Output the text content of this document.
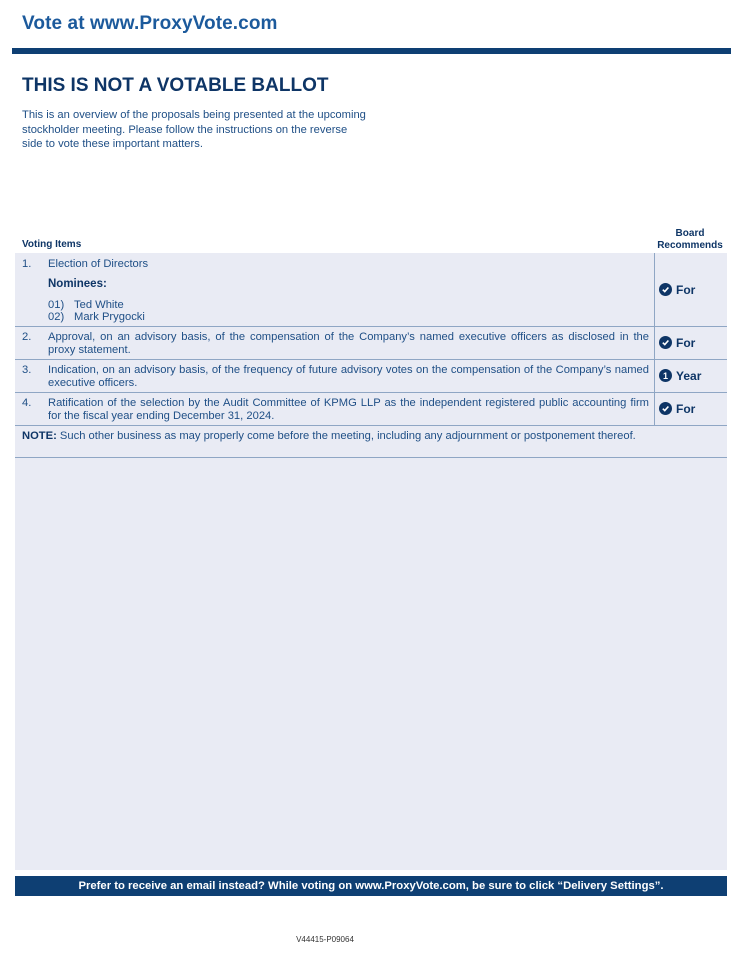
Vote at www.ProxyVote.com
THIS IS NOT A VOTABLE BALLOT
This is an overview of the proposals being presented at the upcoming stockholder meeting. Please follow the instructions on the reverse side to vote these important matters.
Voting Items
Board
Recommends
1. Election of Directors
Nominees:
01) Ted White
02) Mark Prygocki
For
2. Approval, on an advisory basis, of the compensation of the Company’s named executive officers as disclosed in the proxy statement.	For
3. Indication, on an advisory basis, of the frequency of future advisory votes on the compensation of the Company’s named executive officers.
1 Year
4. Ratification of the selection by the Audit Committee of KPMG LLP as the independent registered public accounting firm for the fiscal year ending December 31, 2024.	For
NOTE: Such other business as may properly come before the meeting, including any adjournment or postponement thereof.
Prefer to receive an email instead? While voting on www.ProxyVote.com, be sure to click “Delivery Settings”.
V44415-P09064
